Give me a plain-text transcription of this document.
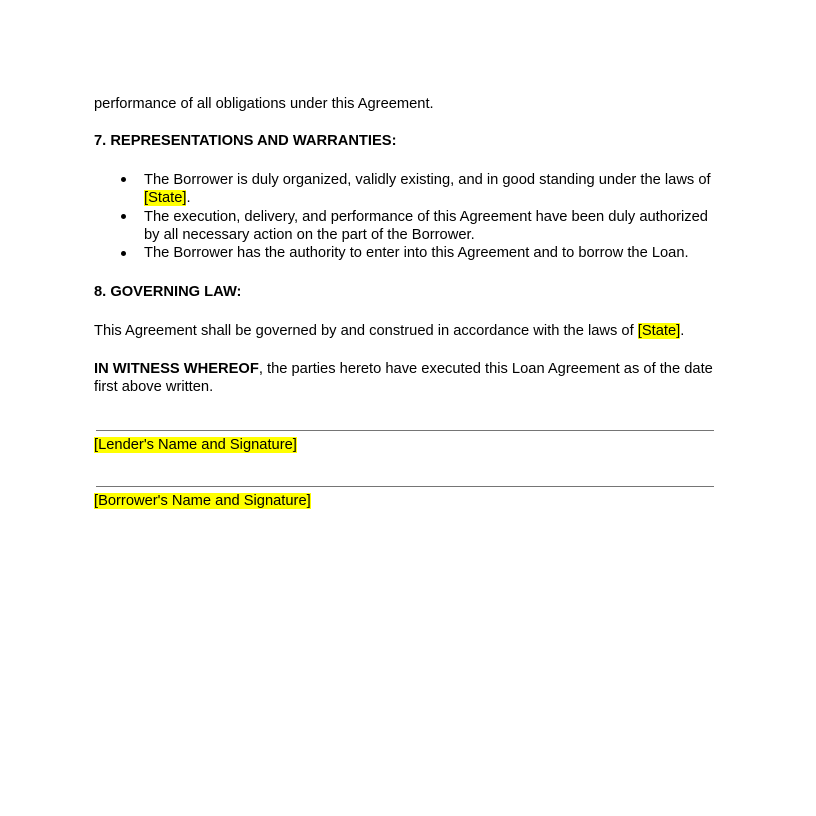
performance of all obligations under this Agreement.

7. REPRESENTATIONS AND WARRANTIES:

The Borrower is duly organized, validly existing, and in good standing under the laws of [State].
The execution, delivery, and performance of this Agreement have been duly authorized by all necessary action on the part of the Borrower.
The Borrower has the authority to enter into this Agreement and to borrow the Loan.

8. GOVERNING LAW:

This Agreement shall be governed by and construed in accordance with the laws of [State].

IN WITNESS WHEREOF, the parties hereto have executed this Loan Agreement as of the date first above written.

[Lender's Name and Signature]

[Borrower's Name and Signature]
